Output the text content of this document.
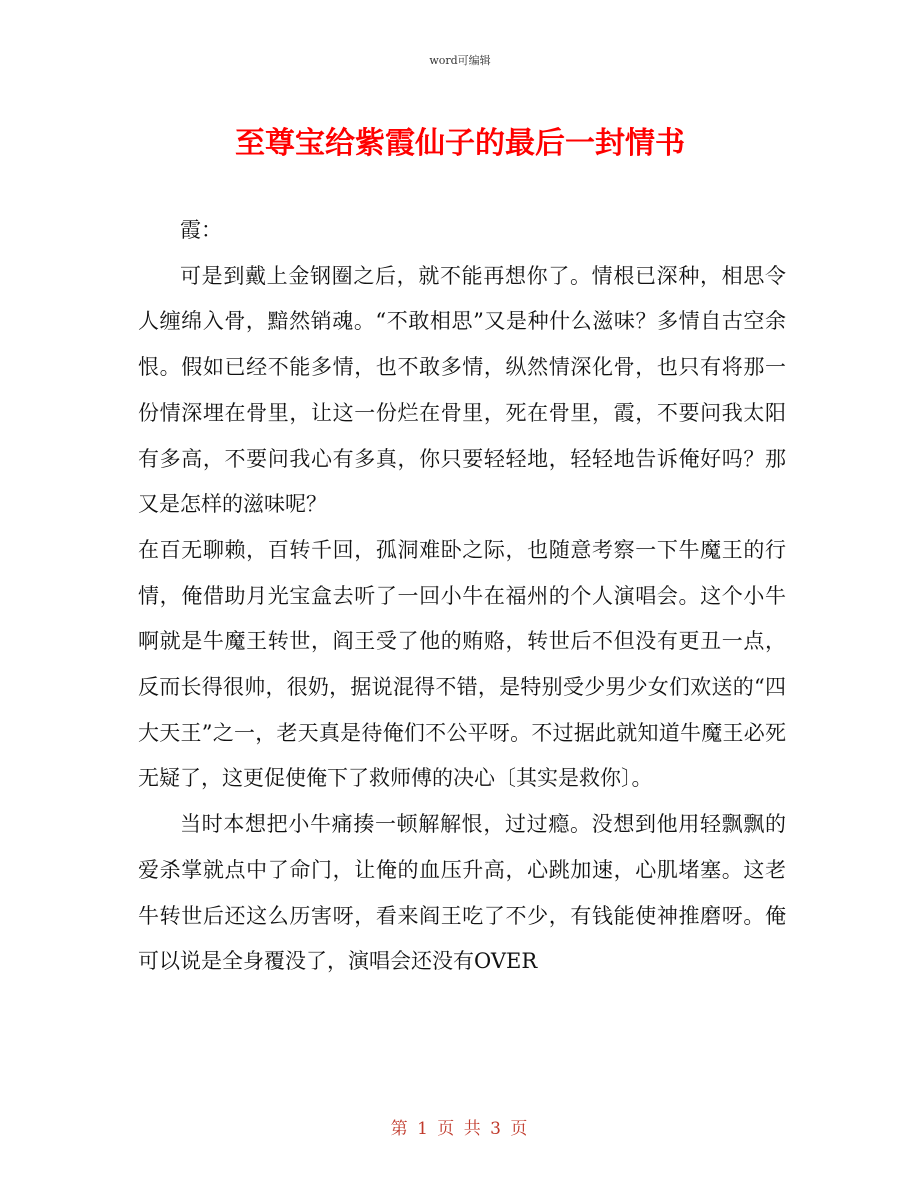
word可编辑
至尊宝给紫霞仙子的最后一封情书

霞：

可是到戴上金钢圈之后，就不能再想你了。情根已深种，相思令人缠绵入骨，黯然销魂。“不敢相思”又是种什么滋味？多情自古空余恨。假如已经不能多情，也不敢多情，纵然情深化骨，也只有将那一份情深埋在骨里，让这一份烂在骨里，死在骨里，霞，不要问我太阳有多高，不要问我心有多真，你只要轻轻地，轻轻地告诉俺好吗？那又是怎样的滋味呢？

在百无聊赖，百转千回，孤洞难卧之际，也随意考察一下牛魔王的行情，俺借助月光宝盒去听了一回小牛在福州的个人演唱会。这个小牛啊就是牛魔王转世，阎王受了他的贿赂，转世后不但没有更丑一点，反而长得很帅，很奶，据说混得不错，是特别受少男少女们欢送的“四大天王”之一，老天真是待俺们不公平呀。不过据此就知道牛魔王必死无疑了，这更促使俺下了救师傅的决心〔其实是救你〕。

当时本想把小牛痛揍一顿解解恨，过过瘾。没想到他用轻飘飘的爱杀掌就点中了命门，让俺的血压升高，心跳加速，心肌堵塞。这老牛转世后还这么历害呀，看来阎王吃了不少，有钱能使神推磨呀。俺可以说是全身覆没了，演唱会还没有OVER

第 1 页 共 3 页
